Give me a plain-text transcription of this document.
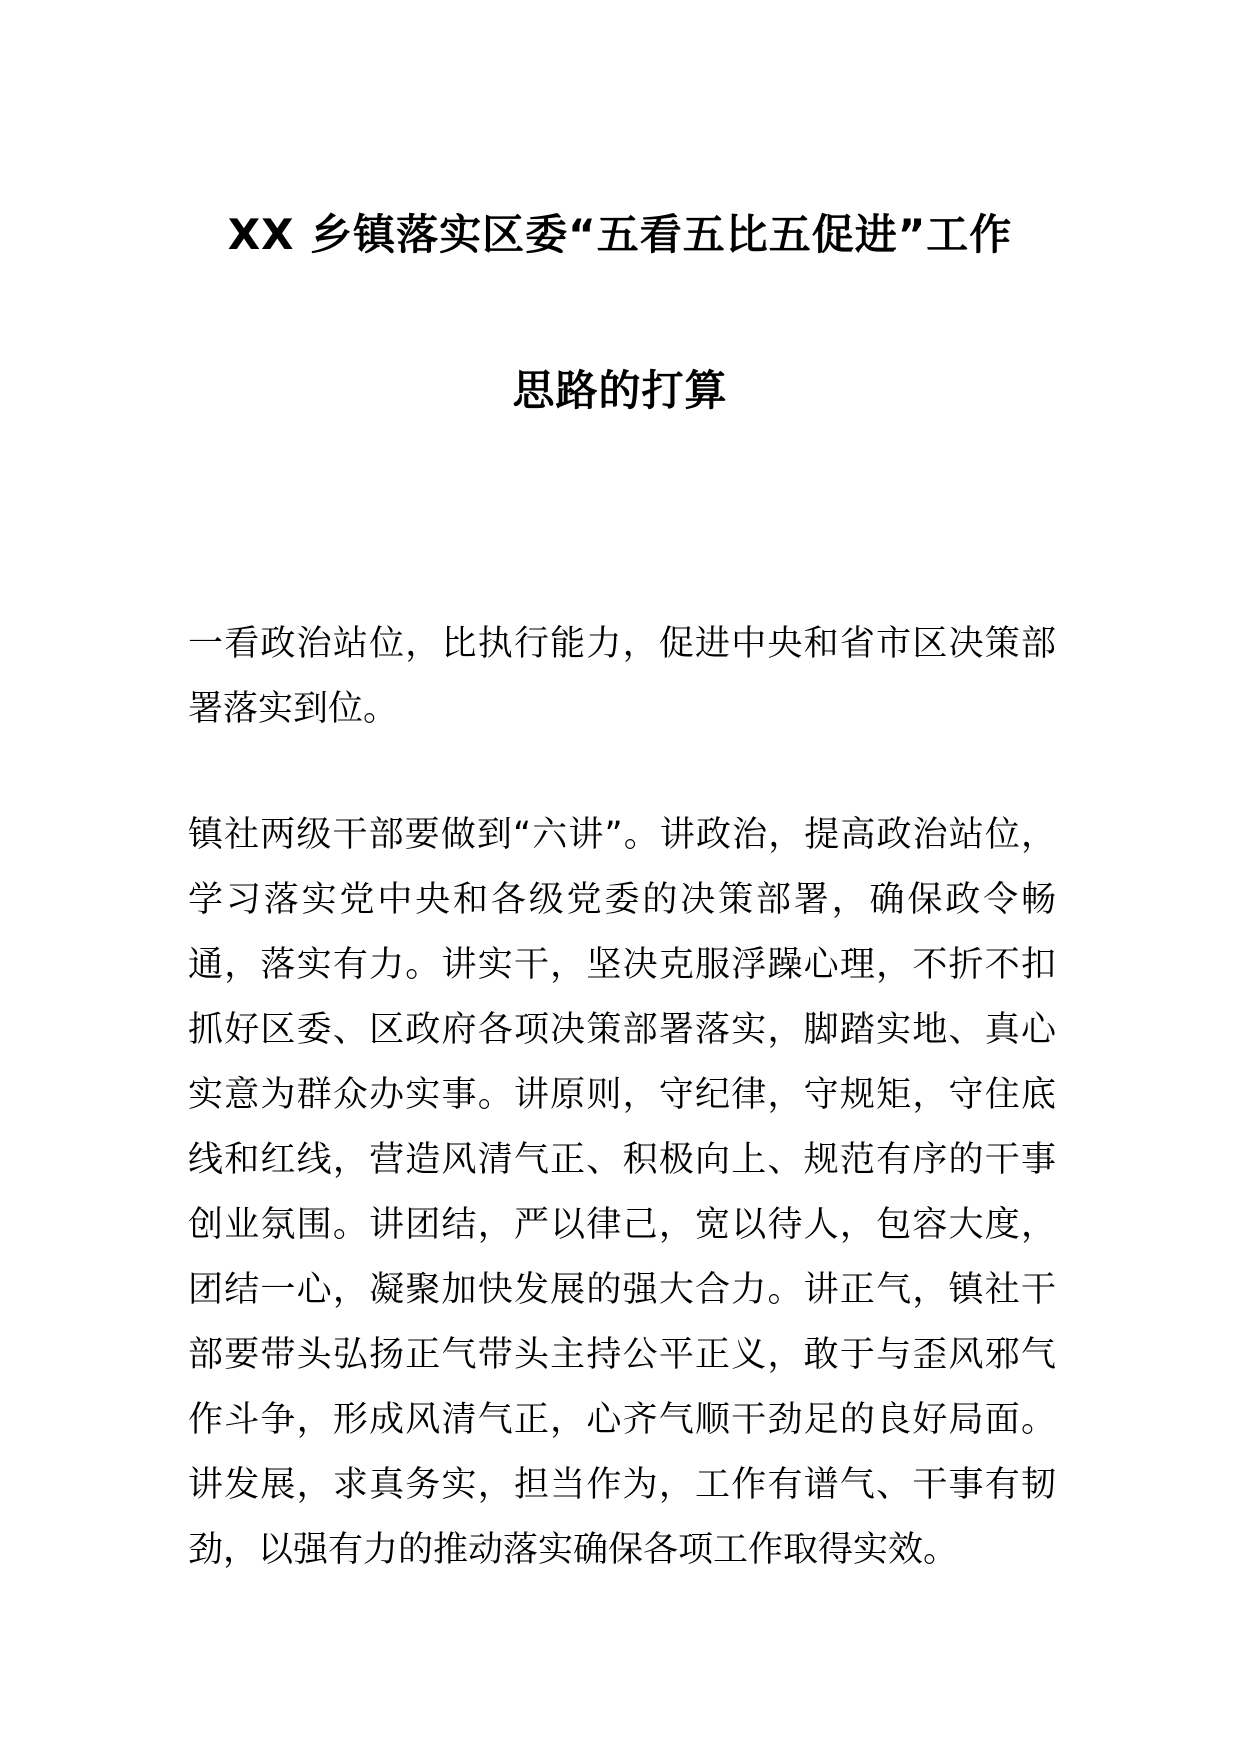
XX 乡镇落实区委“五看五比五促进”工作
思路的打算

一看政治站位，比执行能力，促进中央和省市区决策部署落实到位。

镇社两级干部要做到“六讲”。讲政治，提高政治站位，学习落实党中央和各级党委的决策部署，确保政令畅通，落实有力。讲实干，坚决克服浮躁心理，不折不扣抓好区委、区政府各项决策部署落实，脚踏实地、真心实意为群众办实事。讲原则，守纪律，守规矩，守住底线和红线，营造风清气正、积极向上、规范有序的干事创业氛围。讲团结，严以律己，宽以待人，包容大度，团结一心，凝聚加快发展的强大合力。讲正气，镇社干部要带头弘扬正气带头主持公平正义，敢于与歪风邪气作斗争，形成风清气正，心齐气顺干劲足的良好局面。讲发展，求真务实，担当作为，工作有谱气、干事有韧劲，以强有力的推动落实确保各项工作取得实效。
